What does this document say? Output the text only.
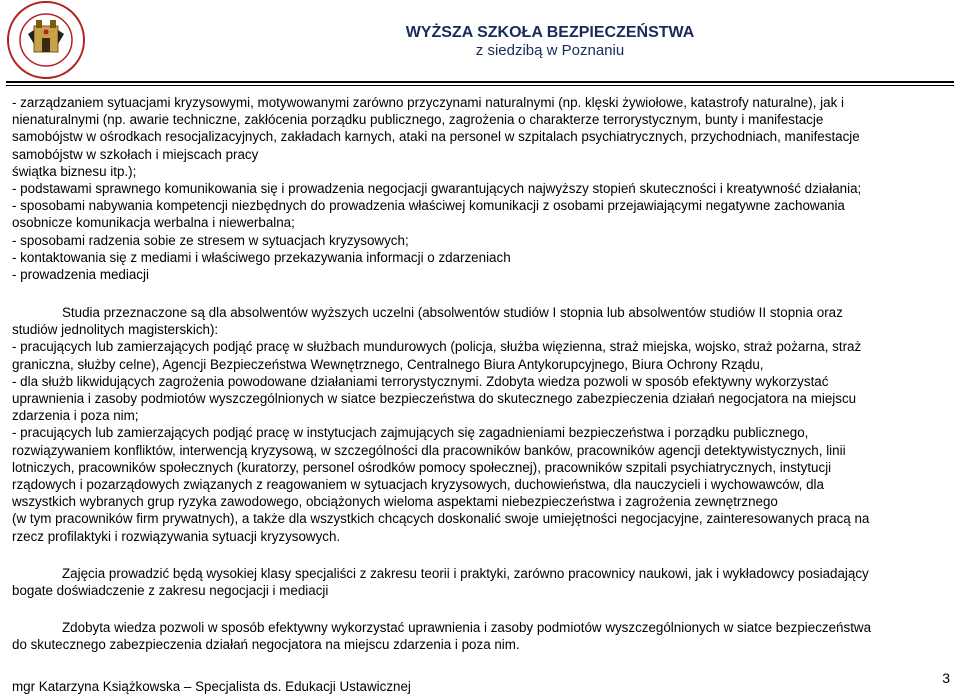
WYŻSZA SZKOŁA BEZPIECZEŃSTWA
z siedzibą w Poznaniu
- zarządzaniem sytuacjami kryzysowymi, motywowanymi zarówno przyczynami naturalnymi (np. klęski żywiołowe, katastrofy naturalne), jak i
nienaturalnymi (np. awarie techniczne, zakłócenia porządku publicznego, zagrożenia o charakterze terrorystycznym, bunty i manifestacje
samobójstw w ośrodkach resocjalizacyjnych, zakładach karnych, ataki na personel w szpitalach psychiatrycznych, przychodniach, manifestacje
samobójstw w szkołach i miejscach pracy
świątka biznesu itp.);
- podstawami sprawnego komunikowania się i prowadzenia negocjacji gwarantujących najwyższy stopień skuteczności i kreatywność działania;
- sposobami nabywania kompetencji niezbędnych do prowadzenia właściwej komunikacji z osobami przejawiającymi negatywne zachowania
osobnicze komunikacja werbalna i niewerbalna;
- sposobami radzenia sobie ze stresem w sytuacjach kryzysowych;
- kontaktowania się z mediami i właściwego przekazywania informacji o zdarzeniach
- prowadzenia mediacji
Studia przeznaczone są dla absolwentów wyższych uczelni (absolwentów studiów I stopnia lub absolwentów studiów II stopnia oraz
studiów jednolitych magisterskich):
- pracujących lub zamierzających podjąć pracę w służbach mundurowych (policja, służba więzienna, straż miejska, wojsko, straż pożarna, straż
graniczna, służby celne), Agencji Bezpieczeństwa Wewnętrznego, Centralnego Biura Antykorupcyjnego, Biura Ochrony Rządu,
- dla służb likwidujących zagrożenia powodowane działaniami terrorystycznymi. Zdobyta wiedza pozwoli w sposób efektywny wykorzystać
uprawnienia i zasoby podmiotów wyszczególnionych w siatce bezpieczeństwa do skutecznego zabezpieczenia działań negocjatora na miejscu
zdarzenia i poza nim;
- pracujących lub zamierzających podjąć pracę w instytucjach zajmujących się zagadnieniami bezpieczeństwa i porządku publicznego,
rozwiązywaniem konfliktów, interwencją kryzysową, w szczególności dla pracowników banków, pracowników agencji detektywistycznych, linii
lotniczych, pracowników społecznych (kuratorzy, personel ośrodków pomocy społecznej), pracowników szpitali psychiatrycznych, instytucji
rządowych i pozarządowych związanych z reagowaniem w sytuacjach kryzysowych, duchowieństwa, dla nauczycieli i wychowawców, dla
wszystkich wybranych grup ryzyka zawodowego, obciążonych wieloma aspektami niebezpieczeństwa i zagrożenia zewnętrznego
(w tym pracowników firm prywatnych), a także dla wszystkich chcących doskonalić swoje umiejętności negocjacyjne, zainteresowanych pracą na
rzecz profilaktyki i rozwiązywania sytuacji kryzysowych.
Zajęcia prowadzić będą wysokiej klasy specjaliści z zakresu teorii i praktyki, zarówno pracownicy naukowi, jak i wykładowcy posiadający
bogate doświadczenie z zakresu negocjacji i mediacji
Zdobyta wiedza pozwoli w sposób efektywny wykorzystać uprawnienia i zasoby podmiotów wyszczególnionych w siatce bezpieczeństwa
do skutecznego zabezpieczenia działań negocjatora na miejscu zdarzenia i poza nim.
3
mgr Katarzyna Książkowska – Specjalista ds. Edukacji Ustawicznej
